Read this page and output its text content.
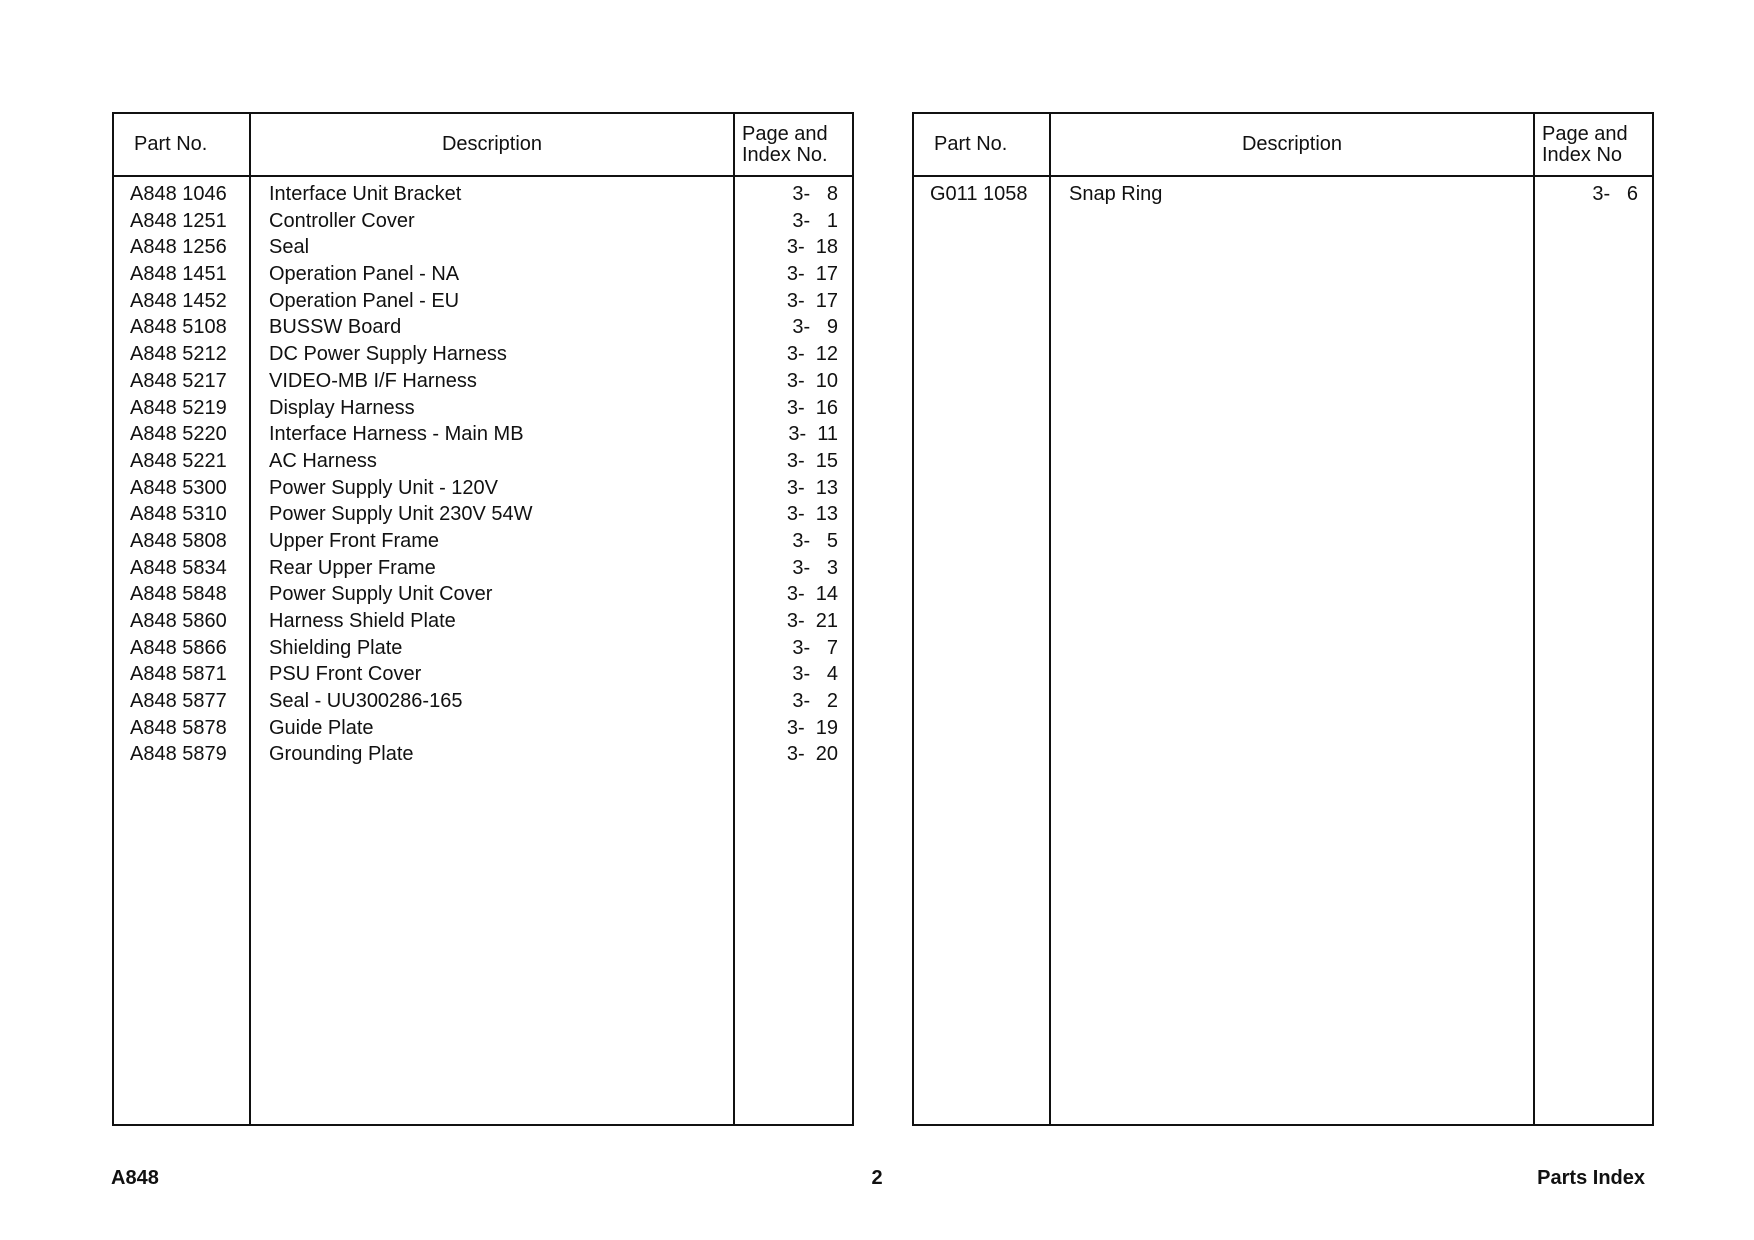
Part No.	Description	Page and Index No.
A848 1046 Interface Unit Bracket	3-   8
A848 1251 Controller Cover	3-   1
A848 1256 Seal	3-  18
A848 1451 Operation Panel - NA	3-  17
A848 1452 Operation Panel - EU	3-  17
A848 5108 BUSSW Board	3-   9
A848 5212 DC Power Supply Harness	3-  12
A848 5217 VIDEO-MB I/F Harness	3-  10
A848 5219 Display Harness	3-  16
A848 5220 Interface Harness - Main MB	3-  11
A848 5221 AC Harness	3-  15
A848 5300 Power Supply Unit - 120V	3-  13
A848 5310 Power Supply Unit 230V 54W	3-  13
A848 5808 Upper Front Frame	3-   5
A848 5834 Rear Upper Frame	3-   3
A848 5848 Power Supply Unit Cover	3-  14
A848 5860 Harness Shield Plate	3-  21
A848 5866 Shielding Plate	3-   7
A848 5871 PSU Front Cover	3-   4
A848 5877 Seal - UU300286-165	3-   2
A848 5878 Guide Plate	3-  19
A848 5879 Grounding Plate	3-  20
Part No.	Description	Page and Index No
G011 1058 Snap Ring	3-   6
A848	2	Parts Index
